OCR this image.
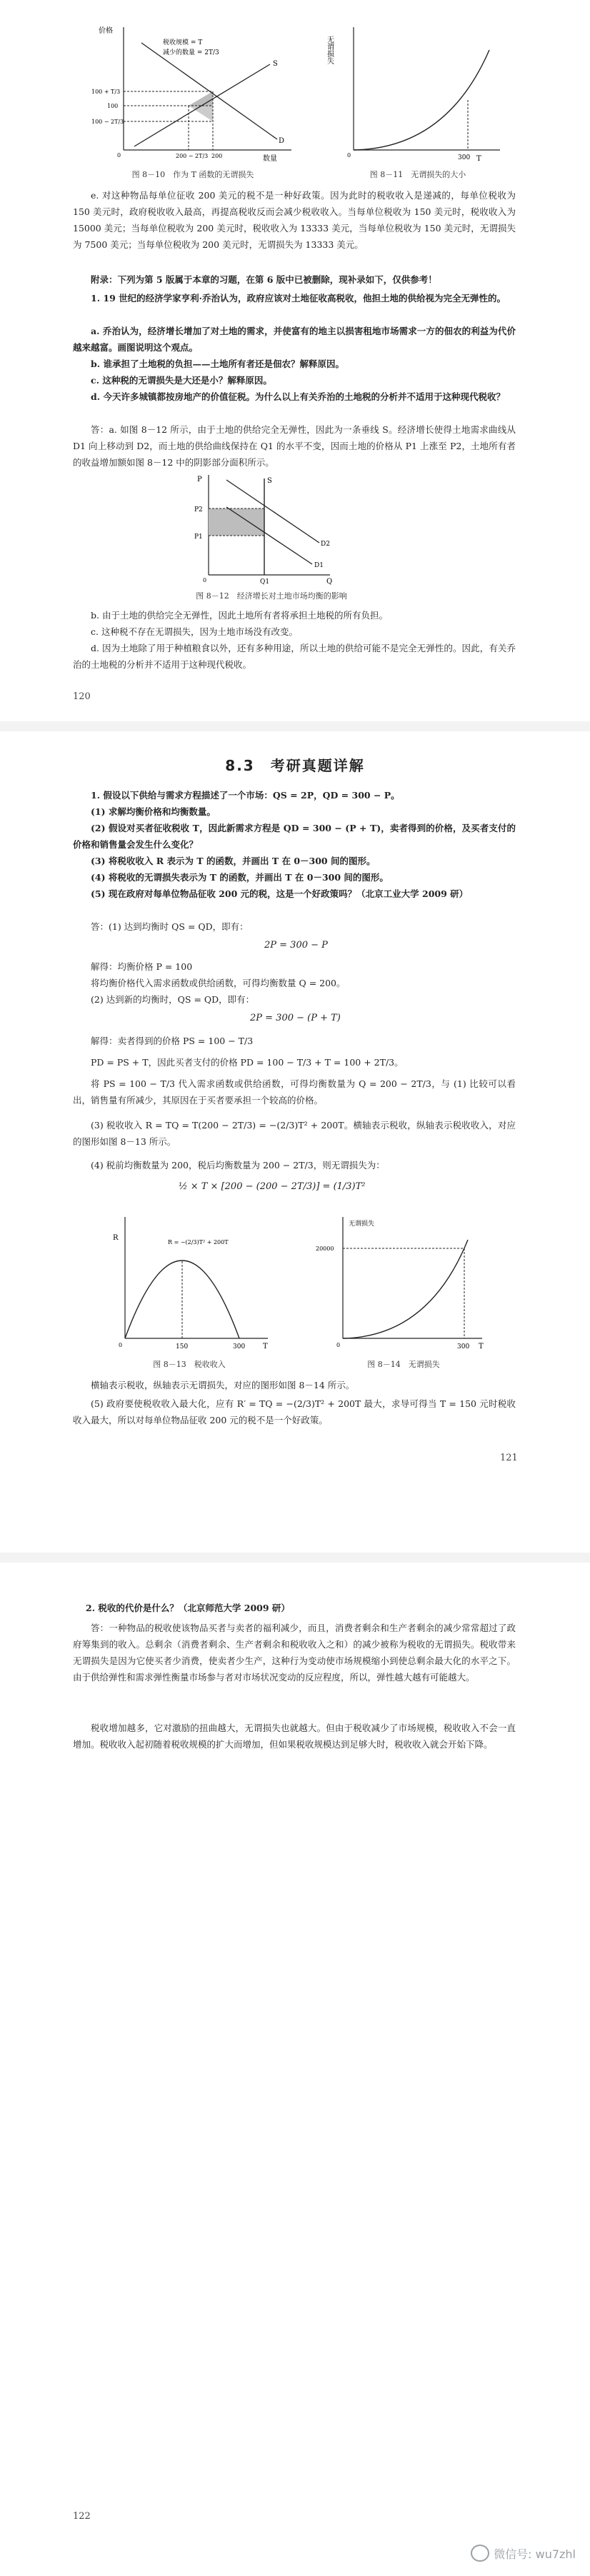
价格
数量
税收规模 = T
减少的数量 = 2T/3
S
D
100 + T/3
100
100 − 2T/3
200 − 2T/3 200
0
图 8－10　作为 T 函数的无谓损失
无谓损失
T
300
0
图 8－11　无谓损失的大小

e. 对这种物品每单位征收 200 美元的税不是一种好政策。因为此时的税收收入是递减的，每单位税收为 150 美元时，政府税收收入最高，再提高税收反而会减少税收收入。当每单位税收为 150 美元时，税收收入为 15000 美元；当每单位税收为 200 美元时，税收收入为 13333 美元，当每单位税收为 150 美元时，无谓损失为 7500 美元；当每单位税收为 200 美元时，无谓损失为 13333 美元。

附录：下列为第 5 版属于本章的习题，在第 6 版中已被删除，现补录如下，仅供参考！

1. 19 世纪的经济学家亨利·乔治认为，政府应该对土地征收高税收，他担土地的供给视为完全无弹性的。

a. 乔治认为，经济增长增加了对土地的需求，并使富有的地主以损害租地市场需求一方的佃农的利益为代价越来越富。画图说明这个观点。

b. 谁承担了土地税的负担——土地所有者还是佃农？解释原因。

c. 这种税的无谓损失是大还是小？解释原因。

d. 今天许多城镇都按房地产的价值征税。为什么以上有关乔治的土地税的分析并不适用于这种现代税收？

答：a. 如图 8－12 所示，由于土地的供给完全无弹性，因此为一条垂线 S。经济增长使得土地需求曲线从 D1 向上移动到 D2，而土地的供给曲线保持在 Q1 的水平不变，因而土地的价格从 P1 上涨至 P2，土地所有者的收益增加额如图 8－12 中的阴影部分面积所示。

P	S
P2
P1
D2
D1
Q1	Q
0
图 8－12　经济增长对土地市场均衡的影响

b. 由于土地的供给完全无弹性，因此土地所有者将承担土地税的所有负担。

c. 这种税不存在无谓损失，因为土地市场没有改变。

d. 因为土地除了用于种植粮食以外，还有多种用途，所以土地的供给可能不是完全无弹性的。因此，有关乔治的土地税的分析并不适用于这种现代税收。

120
8.3　考研真题详解

1. 假设以下供给与需求方程描述了一个市场：QS = 2P，QD = 300 − P。

(1) 求解均衡价格和均衡数量。

(2) 假设对买者征收税收 T，因此新需求方程是 QD = 300 − (P + T)，卖者得到的价格，及买者支付的价格和销售量会发生什么变化？

(3) 将税收收入 R 表示为 T 的函数，并画出 T 在 0－300 间的图形。

(4) 将税收的无谓损失表示为 T 的函数，并画出 T 在 0－300 间的图形。

(5) 现在政府对每单位物品征收 200 元的税，这是一个好政策吗？（北京工业大学 2009 研）

答：(1) 达到均衡时 QS = QD，即有：

2P = 300 − P

解得：均衡价格 P = 100

将均衡价格代入需求函数或供给函数，可得均衡数量 Q = 200。

(2) 达到新的均衡时，QS = QD，即有：

2P = 300 − (P + T)

解得：卖者得到的价格 PS = 100 − T/3

PD = PS + T，因此买者支付的价格 PD = 100 − T/3 + T = 100 + 2T/3。

将 PS = 100 − T/3 代入需求函数或供给函数，可得均衡数量为 Q = 200 − 2T/3，与 (1) 比较可以看出，销售量有所减少，其原因在于买者要承担一个较高的价格。

(3) 税收收入 R = TQ = T(200 − 2T/3) = −(2/3)T² + 200T。横轴表示税收，纵轴表示税收收入，对应的图形如图 8－13 所示。

(4) 税前均衡数量为 200，税后均衡数量为 200 − 2T/3，则无谓损失为：

½ × T × [200 − (200 − 2T/3)] = (1/3)T²
R
R = −(2/3)T² + 200T
150	300 T
0
图 8－13　税收收入
无谓损失
20000
300 T
0
图 8－14　无谓损失

横轴表示税收，纵轴表示无谓损失，对应的图形如图 8－14 所示。

(5) 政府要使税收收入最大化，应有 R′ = TQ = −(2/3)T² + 200T 最大，求导可得当 T = 150 元时税收收入最大，所以对每单位物品征收 200 元的税不是一个好政策。

121

2. 税收的代价是什么？（北京师范大学 2009 研）

答：一种物品的税收使该物品买者与卖者的福利减少，而且，消费者剩余和生产者剩余的减少常常超过了政府筹集到的收入。总剩余（消费者剩余、生产者剩余和税收收入之和）的减少被称为税收的无谓损失。税收带来无谓损失是因为它使买者少消费，使卖者少生产，这种行为变动使市场规模缩小到使总剩余最大化的水平之下。由于供给弹性和需求弹性衡量市场参与者对市场状况变动的反应程度，所以，弹性越大越有可能越大。

税收增加越多，它对激励的扭曲越大，无谓损失也就越大。但由于税收减少了市场规模，税收收入不会一直增加。税收收入起初随着税收规模的扩大而增加，但如果税收规模达到足够大时，税收收入就会开始下降。

122
微信号: wu7zhl
